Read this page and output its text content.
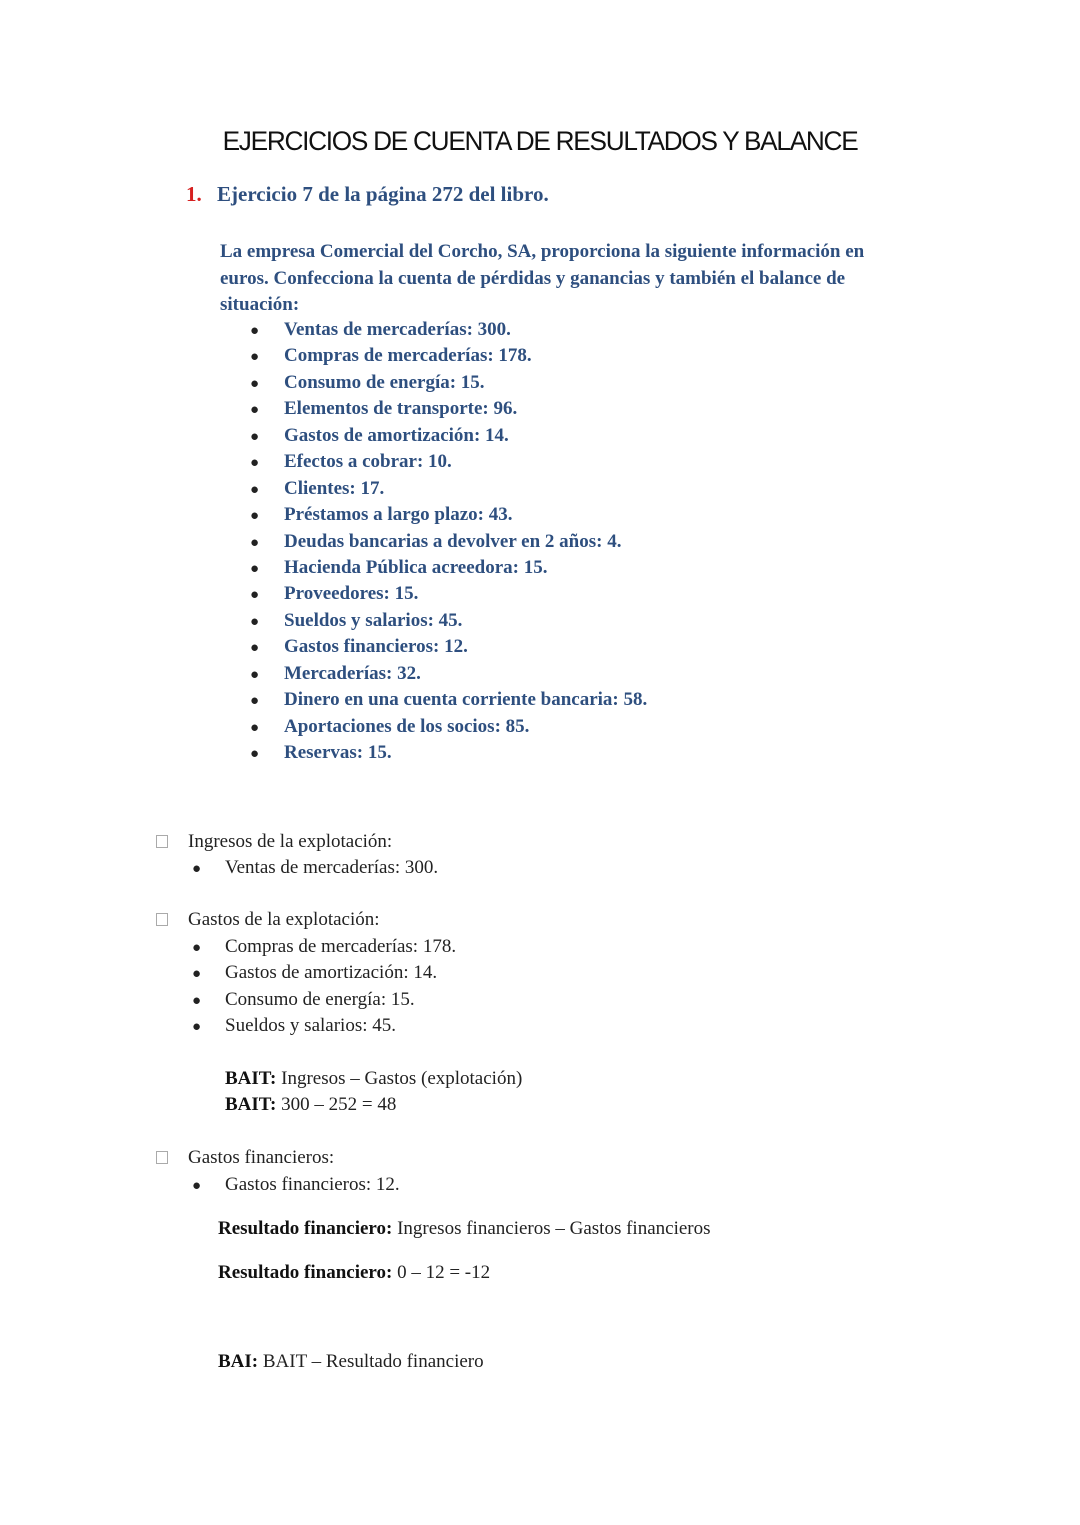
EJERCICIOS DE CUENTA DE RESULTADOS Y BALANCE
1. Ejercicio 7 de la página 272 del libro.
La empresa Comercial del Corcho, SA, proporciona la siguiente información en
euros. Confecciona la cuenta de pérdidas y ganancias y también el balance de
situación:
● Ventas de mercaderías: 300.
● Compras de mercaderías: 178.
● Consumo de energía: 15.
● Elementos de transporte: 96.
● Gastos de amortización: 14.
● Efectos a cobrar: 10.
● Clientes: 17.
● Préstamos a largo plazo: 43.
● Deudas bancarias a devolver en 2 años: 4.
● Hacienda Pública acreedora: 15.
● Proveedores: 15.
● Sueldos y salarios: 45.
● Gastos financieros: 12.
● Mercaderías: 32.
● Dinero en una cuenta corriente bancaria: 58.
● Aportaciones de los socios: 85.
● Reservas: 15.
Ingresos de la explotación:
● Ventas de mercaderías: 300.
Gastos de la explotación:
● Compras de mercaderías: 178.
● Gastos de amortización: 14.
● Consumo de energía: 15.
● Sueldos y salarios: 45.
BAIT: Ingresos – Gastos (explotación)
BAIT: 300 – 252 = 48
Gastos financieros:
● Gastos financieros: 12.
Resultado financiero: Ingresos financieros – Gastos financieros
Resultado financiero: 0 – 12 = -12
BAI: BAIT – Resultado financiero
